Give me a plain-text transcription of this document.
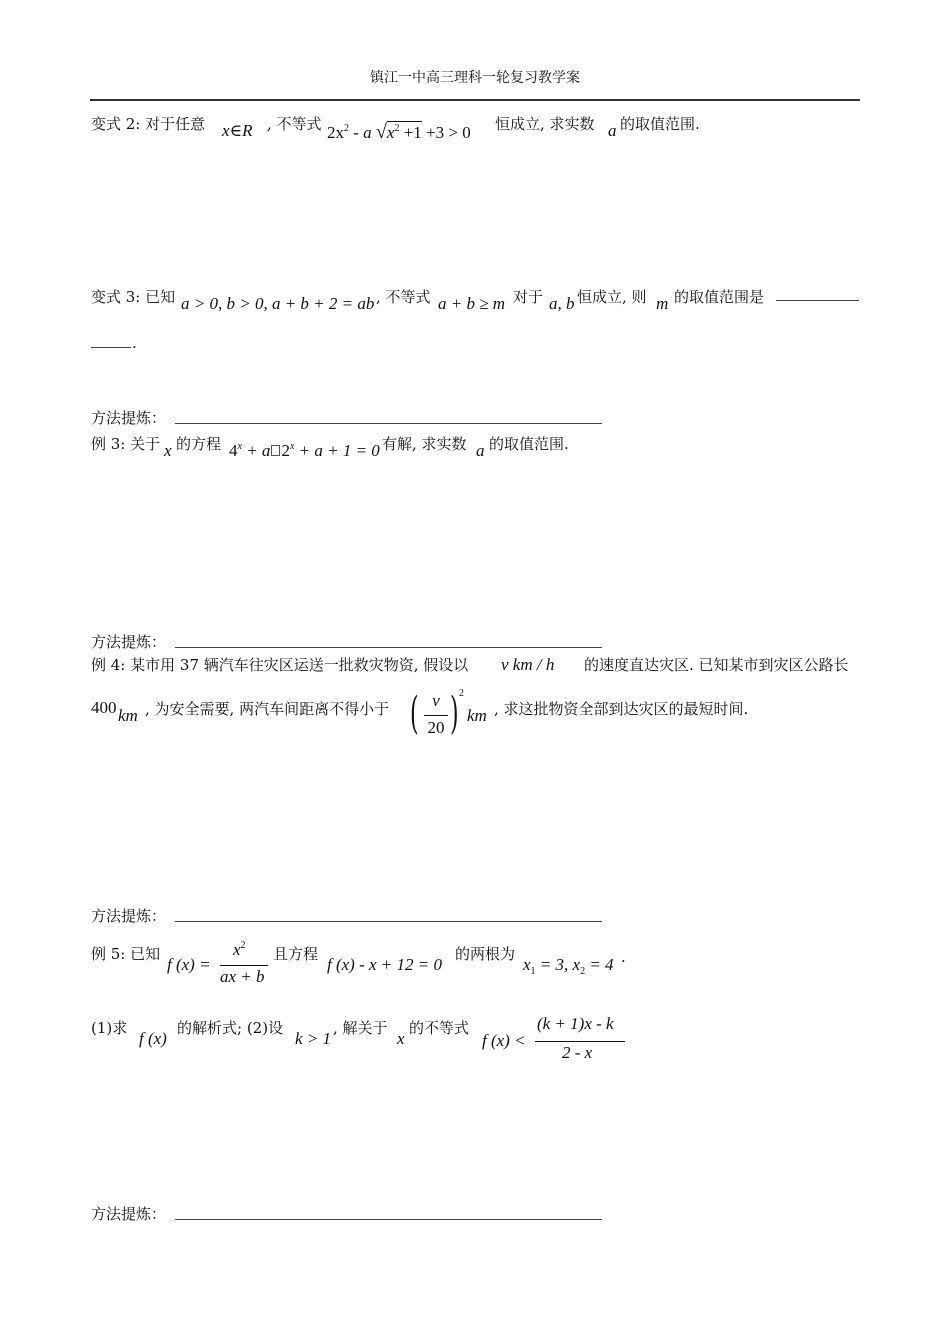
镇江一中高三理科一轮复习教学案
变式 2: 对于任意 x∈R , 不等式 $2x^2$ - a $√x^2 +1 +3 > 0$ 恒成立, 求实数 a 的取值范围.
变式 3: 已知 a > 0, b > 0, a + b + 2 = ab , 不等式 a + b ≥ m 对于 a, b 恒成立, 则 m 的取值范围是
.
方法提炼：
例 3: 关于 x 的方程 $4^x + a$ $2^x + a + 1 = 0$ 有解, 求实数 a 的取值范围.
方法提炼：
例 4: 某市用 37 辆汽车往灾区运送一批救灾物资, 假设以 v km / h 的速度直达灾区. 已知某市到灾区公路长
400 km , 为安全需要, 两汽车间距离不得小于 ( v
20 ) 2
km , 求这批物资全部到达灾区的最短时间.
方法提炼：
例 5: 已知
f (x) =
$x^2$
ax + b
且方程
f (x) - x + 12 = 0
的两根为
$x_1 = 3$, $x_2 = 4$ .
(1)求
f (x)
的解析式; (2)设
k > 1
, 解关于
x
的不等式
f (x) <
(k + 1)x - k
2 - x
方法提炼：
